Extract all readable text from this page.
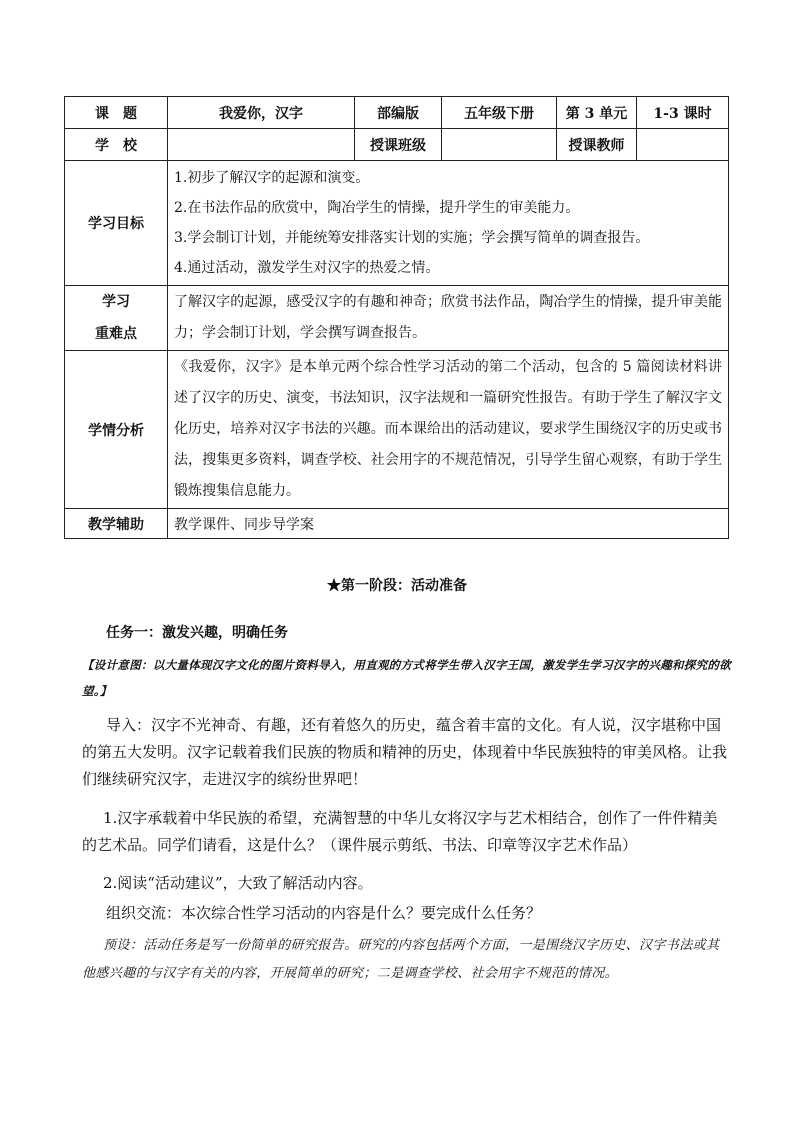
课　题	我爱你，汉字	部编版	五年级下册	第 3 单元	1-3 课时
学　校		授课班级		授课教师	
学习目标	1.初步了解汉字的起源和演变。
2.在书法作品的欣赏中，陶冶学生的情操，提升学生的审美能力。
3.学会制订计划，并能统筹安排落实计划的实施；学会撰写简单的调查报告。
4.通过活动，激发学生对汉字的热爱之情。				

学习
重难点	了解汉字的起源，感受汉字的有趣和神奇；欣赏书法作品，陶冶学生的情操，提升审美能力；学会制订计划，学会撰写调查报告。				
学情分析	《我爱你，汉字》是本单元两个综合性学习活动的第二个活动，包含的 5 篇阅读材料讲述了汉字的历史、演变，书法知识，汉字法规和一篇研究性报告。有助于学生了解汉字文化历史，培养对汉字书法的兴趣。而本课给出的活动建议，要求学生围绕汉字的历史或书法，搜集更多资料，调查学校、社会用字的不规范情况，引导学生留心观察，有助于学生锻炼搜集信息能力。				
教学辅助	教学课件、同步导学案				
★第一阶段：活动准备
任务一：激发兴趣，明确任务
【设计意图：以大量体现汉字文化的图片资料导入，用直观的方式将学生带入汉字王国，激发学生学习汉字的兴趣和探究的欲望。】
导入：汉字不光神奇、有趣，还有着悠久的历史，蕴含着丰富的文化。有人说，汉字堪称中国的第五大发明。汉字记载着我们民族的物质和精神的历史，体现着中华民族独特的审美风格。让我们继续研究汉字，走进汉字的缤纷世界吧！
1.汉字承载着中华民族的希望，充满智慧的中华儿女将汉字与艺术相结合，创作了一件件精美的艺术品。同学们请看，这是什么？（课件展示剪纸、书法、印章等汉字艺术作品）
2.阅读“活动建议”，大致了解活动内容。
组织交流：本次综合性学习活动的内容是什么？要完成什么任务？
预设：活动任务是写一份简单的研究报告。研究的内容包括两个方面，一是围绕汉字历史、汉字书法或其他感兴趣的与汉字有关的内容，开展简单的研究；二是调查学校、社会用字不规范的情况。
